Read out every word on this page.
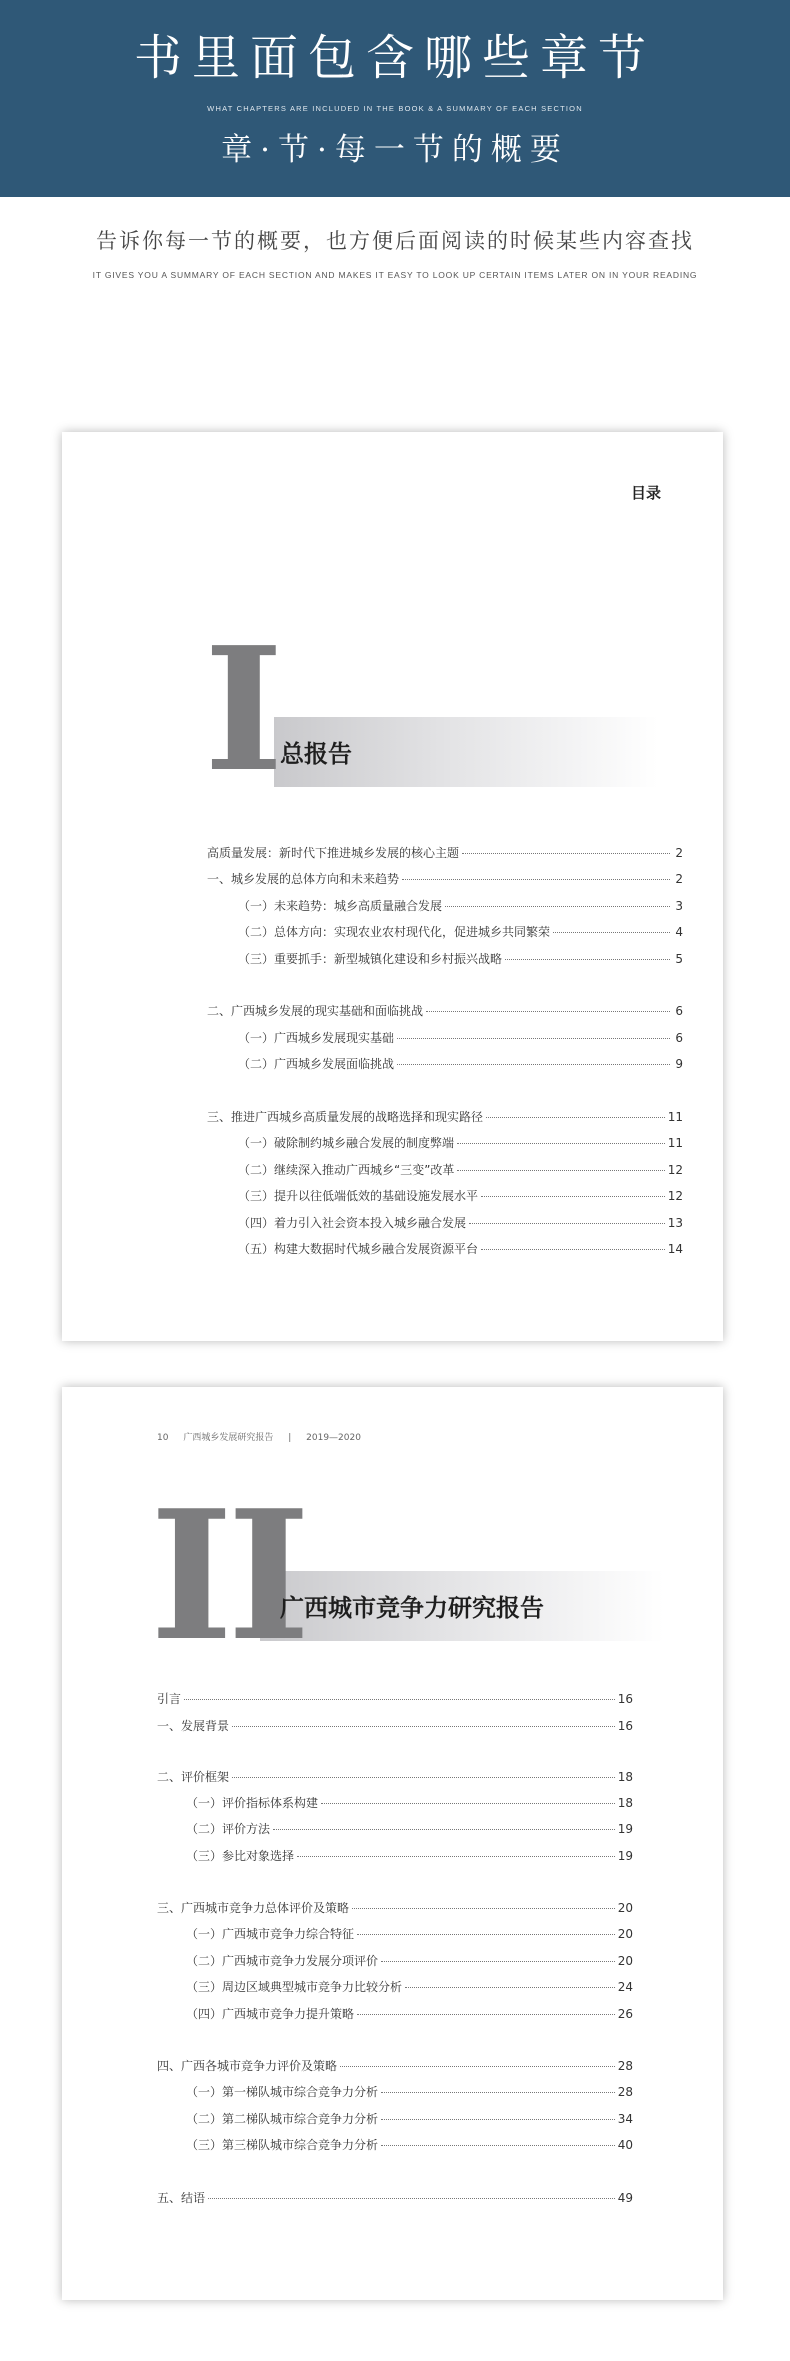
书里面包含哪些章节
WHAT CHAPTERS ARE INCLUDED IN THE BOOK & A SUMMARY OF EACH SECTION
章·节·每一节的概要
告诉你每一节的概要，也方便后面阅读的时候某些内容查找
IT GIVES YOU A SUMMARY OF EACH SECTION AND MAKES IT EASY TO LOOK UP CERTAIN ITEMS LATER ON IN YOUR READING
目录
I 总报告
高质量发展：新时代下推进城乡发展的核心主题	2
一、城乡发展的总体方向和未来趋势	2
（一）未来趋势：城乡高质量融合发展	3
（二）总体方向：实现农业农村现代化，促进城乡共同繁荣	4
（三）重要抓手：新型城镇化建设和乡村振兴战略	5
二、广西城乡发展的现实基础和面临挑战	6
（一）广西城乡发展现实基础	6
（二）广西城乡发展面临挑战	9
三、推进广西城乡高质量发展的战略选择和现实路径	11
（一）破除制约城乡融合发展的制度弊端	11
（二）继续深入推动广西城乡“三变”改革	12
（三）提升以往低端低效的基础设施发展水平	12
（四）着力引入社会资本投入城乡融合发展	13
（五）构建大数据时代城乡融合发展资源平台	14
10 广西城乡发展研究报告 | 2019—2020
II
广西城市竞争力研究报告
引言	16
一、发展背景	16
二、评价框架	18
（一）评价指标体系构建	18
（二）评价方法	19
（三）参比对象选择	19
三、广西城市竞争力总体评价及策略	20
（一）广西城市竞争力综合特征	20
（二）广西城市竞争力发展分项评价	20
（三）周边区域典型城市竞争力比较分析	24
（四）广西城市竞争力提升策略	26
四、广西各城市竞争力评价及策略	28
（一）第一梯队城市综合竞争力分析	28
（二）第二梯队城市综合竞争力分析	34
（三）第三梯队城市综合竞争力分析	40
五、结语	49
